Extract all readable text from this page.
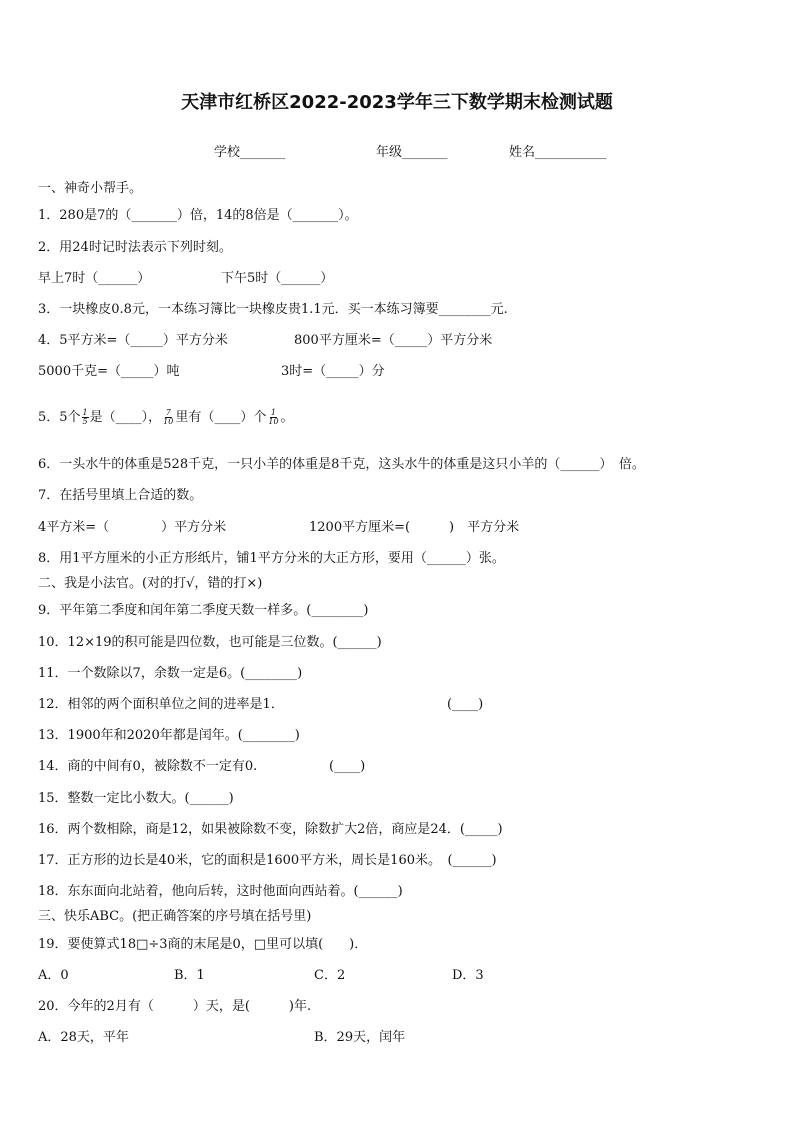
天津市红桥区2022-2023学年三下数学期末检测试题
学校_______	年级_______	姓名___________
一、神奇小帮手。
1．280是7的（_______）倍，14的8倍是（_______）。
2．用24时记时法表示下列时刻。
早上7时（______）	下午5时（______）
3．一块橡皮0.8元，一本练习簿比一块橡皮贵1.1元．买一本练习簿要________元.
4．5平方米=（_____）平方分米	800平方厘米=（_____）平方分米
5000千克=（_____）吨	3时=（_____）分
5．5个 $\frac{1}{5}$ 是（____）， $\frac{7}{10}$ 里有（____）个 $\frac{1}{10}$ 。
6．一头水牛的体重是528千克，一只小羊的体重是8千克，这头水牛的体重是这只小羊的（______）　倍。
7．在括号里填上合适的数。
4平方米=（　　　　）平方分米	1200平方厘米=(　　　)　平方分米
8．用1平方厘米的小正方形纸片，铺1平方分米的大正方形，要用（______）张。
二、我是小法官。(对的打√，错的打×)
9．平年第二季度和闰年第二季度天数一样多。(________)
10．12×19的积可能是四位数，也可能是三位数。(______)
11．一个数除以7，余数一定是6。(________)
12．相邻的两个面积单位之间的进率是1．	(____)
13．1900年和2020年都是闰年。(________)
14．商的中间有0，被除数不一定有0.	(____)
15．整数一定比小数大。(______)
16．两个数相除，商是12，如果被除数不变，除数扩大2倍，商应是24．(_____)
17．正方形的边长是40米，它的面积是1600平方米，周长是160米。　(______)
18．东东面向北站着，他向后转，这时他面向西站着。(______)
三、快乐ABC。(把正确答案的序号填在括号里)
19．要使算式18□÷3商的末尾是0，□里可以填(　　)．
A．0	B．1	C．2	D．3
20．今年的2月有（　　　）天，是(　　　)年.
A．28天，平年	B．29天，闰年
